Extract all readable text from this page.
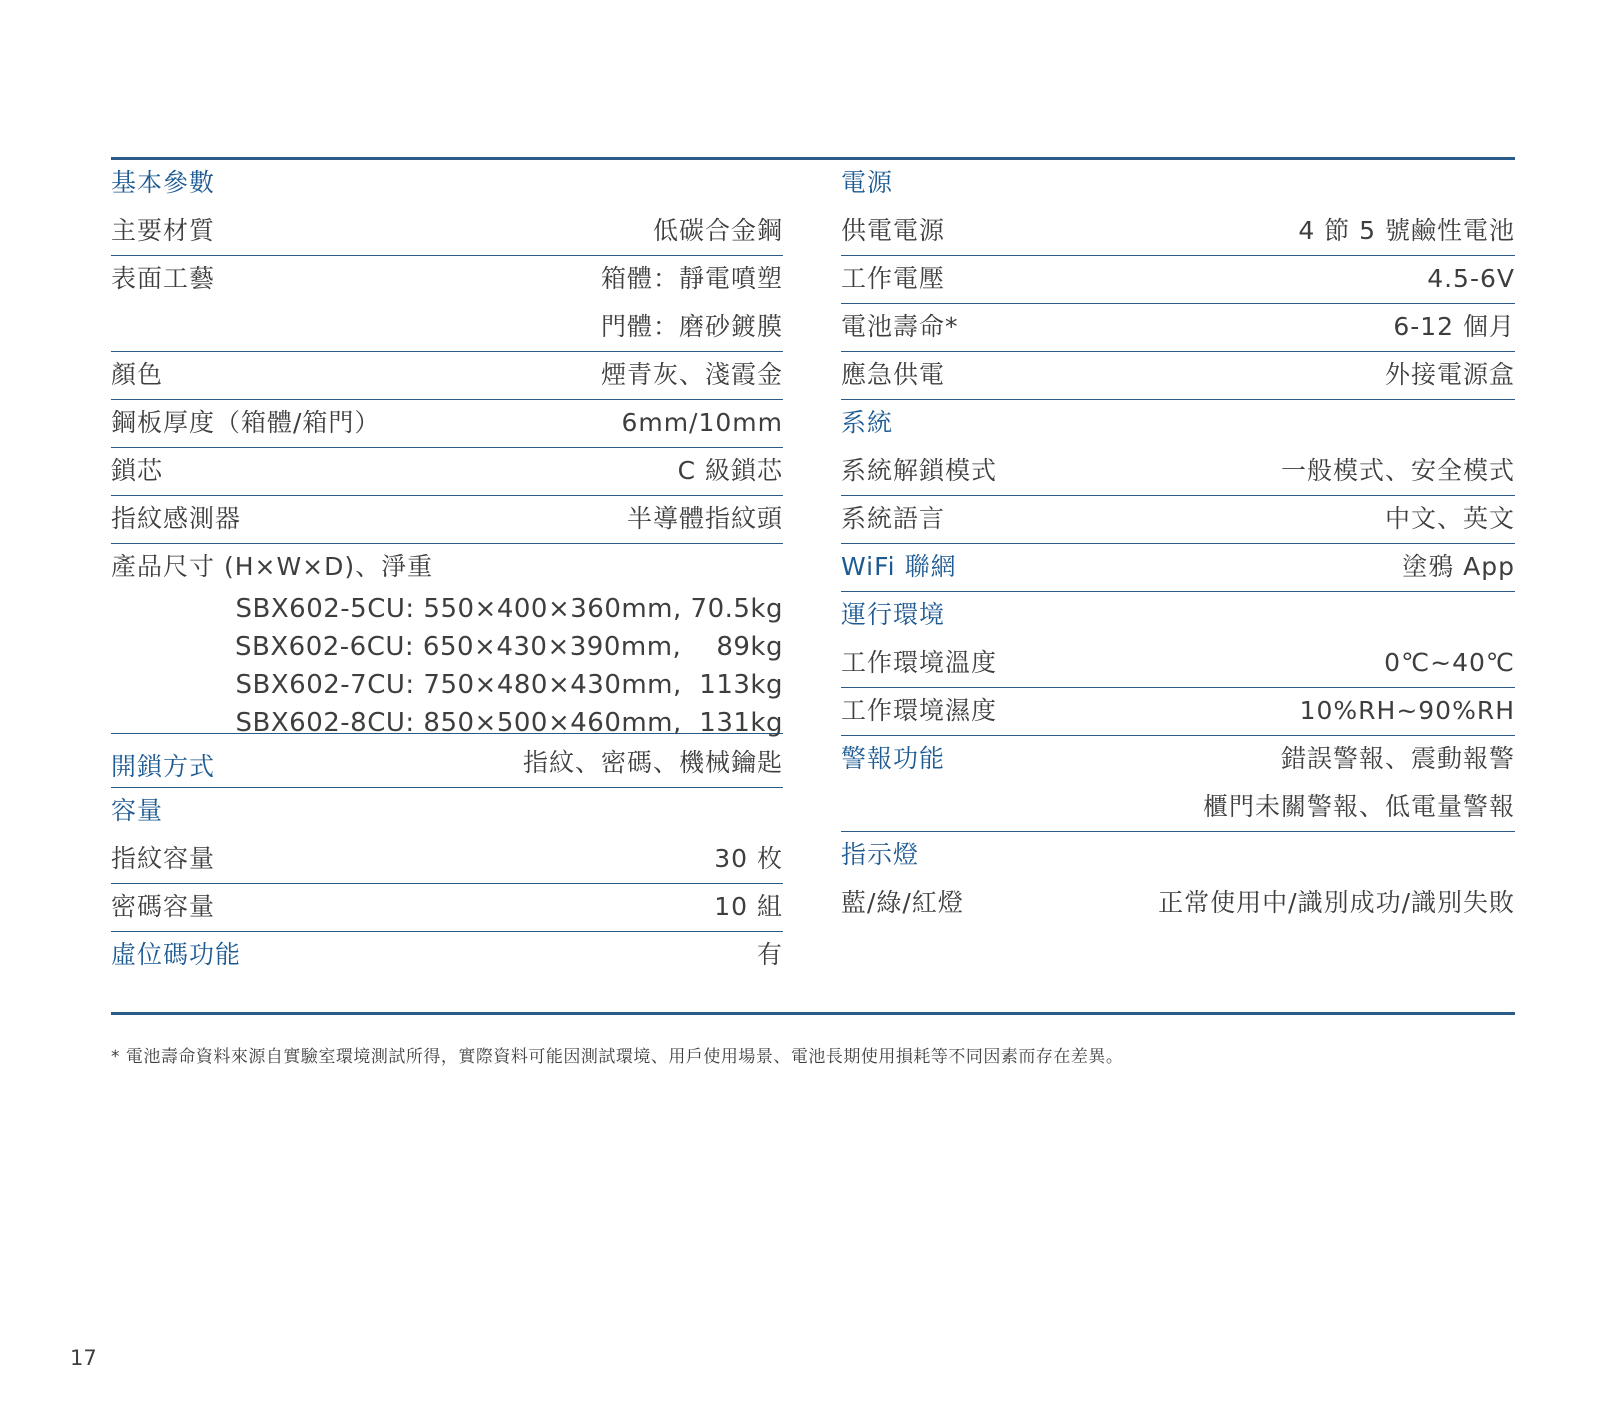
基本參數
主要材質	低碳合金鋼
表面工藝	箱體：靜電噴塑
門體：磨砂鍍膜
顏色	煙青灰、淺霞金
鋼板厚度（箱體/箱門）	6mm/10mm
鎖芯	C 級鎖芯
指紋感測器	半導體指紋頭
產品尺寸 (H×W×D)、淨重
SBX602-5CU: 550×400×360mm, 70.5kg
SBX602-6CU: 650×430×390mm,    89kg
SBX602-7CU: 750×480×430mm,  113kg
SBX602-8CU: 850×500×460mm,  131kg
開鎖方式	指紋、密碼、機械鑰匙
容量
指紋容量	30 枚
密碼容量	10 組
虛位碼功能	有
電源
供電電源	4 節 5 號鹼性電池
工作電壓	4.5-6V
電池壽命*	6-12 個月
應急供電	外接電源盒
系統
系統解鎖模式	一般模式、安全模式
系統語言	中文、英文
WiFi 聯網	塗鴉 App
運行環境
工作環境溫度	0℃~40℃
工作環境濕度	10%RH~90%RH
警報功能	錯誤警報、震動報警
櫃門未關警報、低電量警報
指示燈
藍/綠/紅燈	正常使用中/識別成功/識別失敗
* 電池壽命資料來源自實驗室環境測試所得，實際資料可能因測試環境、用戶使用場景、電池長期使用損耗等不同因素而存在差異。
17
